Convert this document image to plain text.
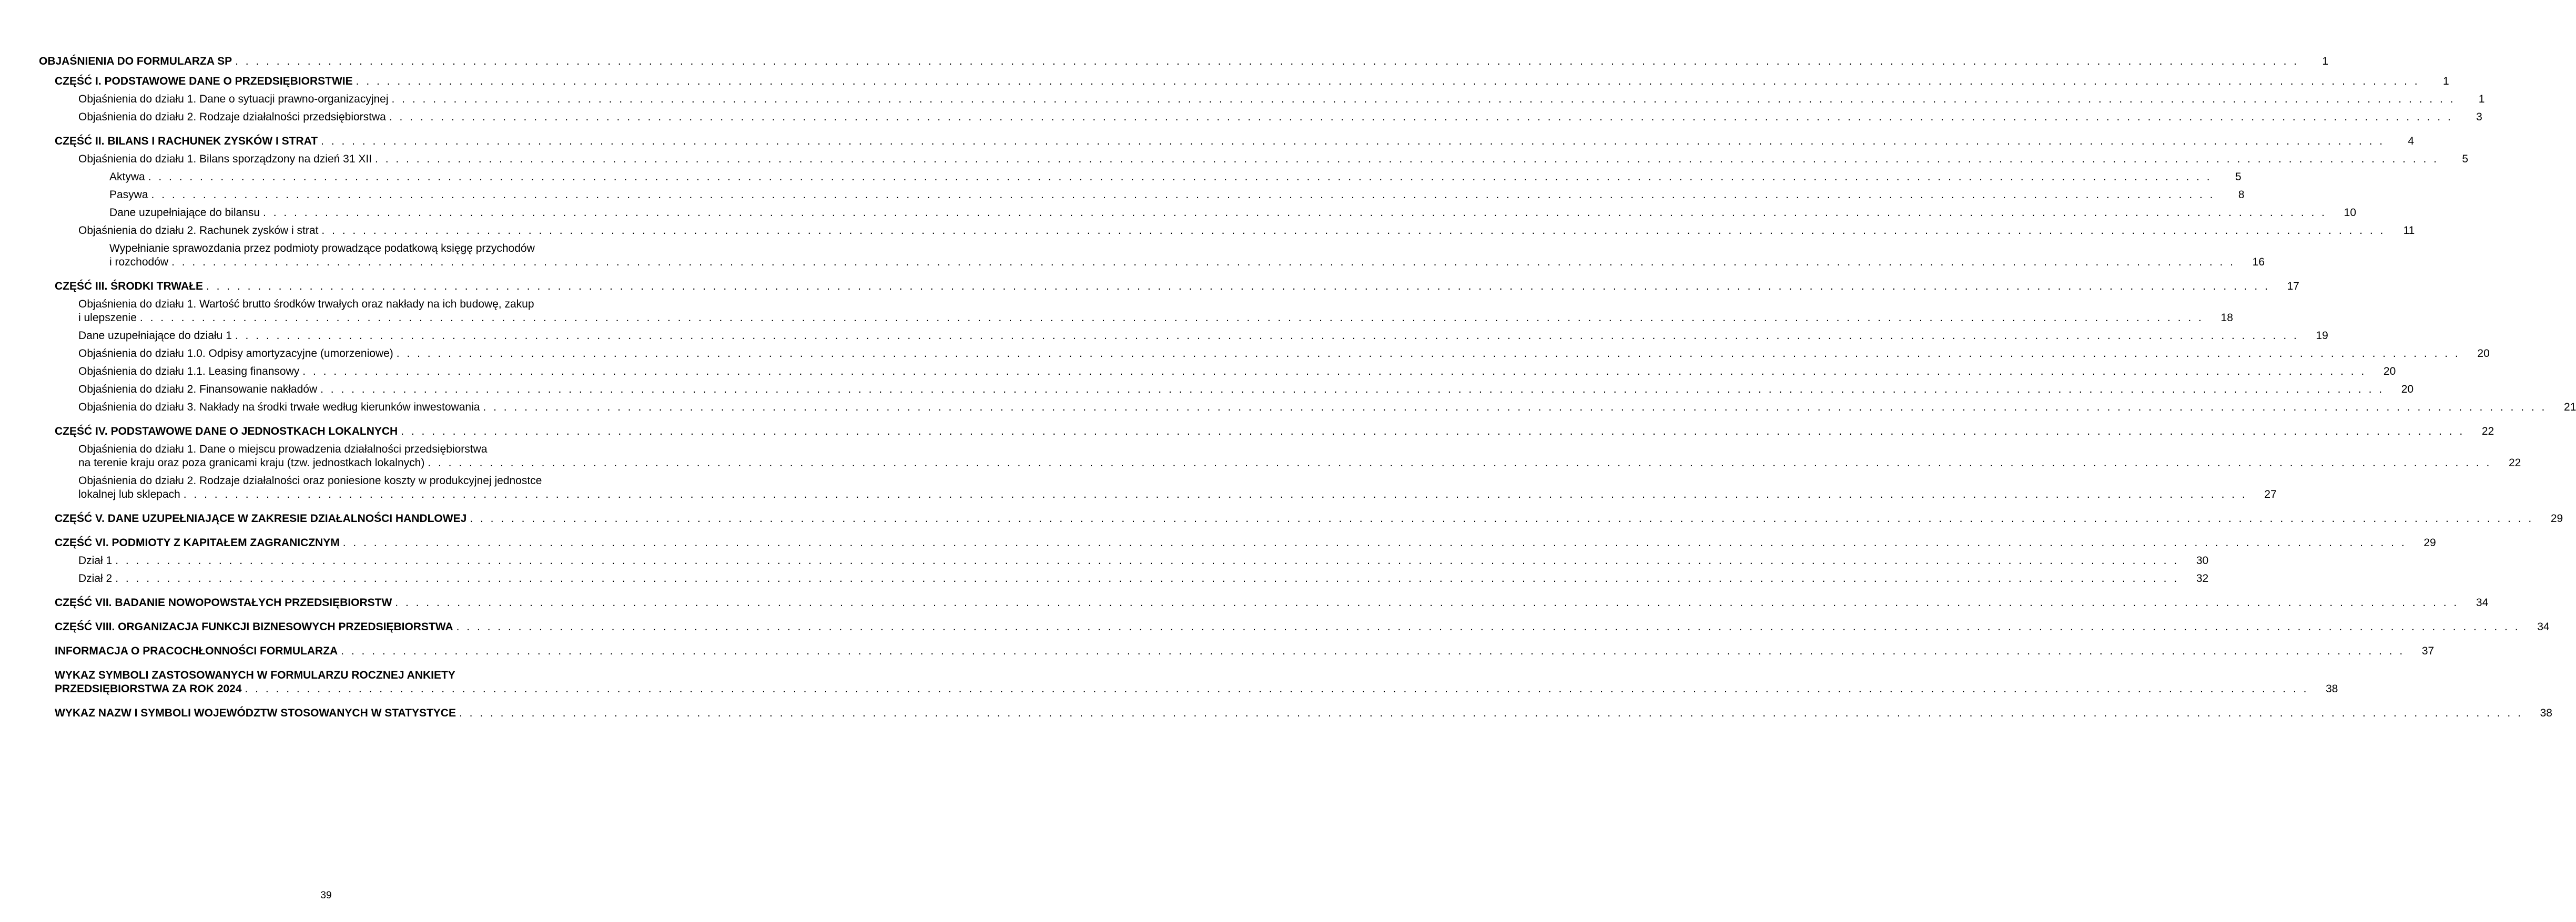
OBJAŚNIENIA DO FORMULARZA SP . . . . . . . . . . . . . . . . . . . . . . . . . . . . . . . . . . . . . . . . . . . . . . . . . . . . . . . . . . . . . . . . . . . . . . . . . . . . . . . . . . . . . . . . . . . . . . . . . . . . . . . . . . . . . . . . . . . . . . . . . . . . . . . . . . . . . . . . . . . . . . . . . . . . . . . . . . . . . . . . . . . . . . . . . . . . . . . . . . . . . . . . . . . . . . . . . . . . . . . .	1
CZĘŚĆ I. PODSTAWOWE DANE O PRZEDSIĘBIORSTWIE . . . . . . . . . . . . . . . . . . . . . . . . . . . . . . . . . . . . . . . . . . . . . . . . . . . . . . . . . . . . . . . . . . . . . . . . . . . . . . . . . . . . . . . . . . . . . . . . . . . . . . . . . . . . . . . . . . . . . . . . . . . . . . . . . . . . . . . . . . . . . . . . . . . . . . . . . . . . . . . . . . . . . . . . . . . . . . . . . . . . . . . . . . . . . . . . . . . . . . . .	1
Objaśnienia do działu 1. Dane o sytuacji prawno-organizacyjnej . . . . . . . . . . . . . . . . . . . . . . . . . . . . . . . . . . . . . . . . . . . . . . . . . . . . . . . . . . . . . . . . . . . . . . . . . . . . . . . . . . . . . . . . . . . . . . . . . . . . . . . . . . . . . . . . . . . . . . . . . . . . . . . . . . . . . . . . . . . . . . . . . . . . . . . . . . . . . . . . . . . . . . . . . . . . . . . . . . . . . . . . . . . . . . . . . . . . . . . .	1
Objaśnienia do działu 2. Rodzaje działalności przedsiębiorstwa . . . . . . . . . . . . . . . . . . . . . . . . . . . . . . . . . . . . . . . . . . . . . . . . . . . . . . . . . . . . . . . . . . . . . . . . . . . . . . . . . . . . . . . . . . . . . . . . . . . . . . . . . . . . . . . . . . . . . . . . . . . . . . . . . . . . . . . . . . . . . . . . . . . . . . . . . . . . . . . . . . . . . . . . . . . . . . . . . . . . . . . . . . . . . . . . . . . . . . . .	3
CZĘŚĆ II. BILANS I RACHUNEK ZYSKÓW I STRAT . . . . . . . . . . . . . . . . . . . . . . . . . . . . . . . . . . . . . . . . . . . . . . . . . . . . . . . . . . . . . . . . . . . . . . . . . . . . . . . . . . . . . . . . . . . . . . . . . . . . . . . . . . . . . . . . . . . . . . . . . . . . . . . . . . . . . . . . . . . . . . . . . . . . . . . . . . . . . . . . . . . . . . . . . . . . . . . . . . . . . . . . . . . . . . . . . . . . . . . .	4
Objaśnienia do działu 1. Bilans sporządzony na dzień 31 XII . . . . . . . . . . . . . . . . . . . . . . . . . . . . . . . . . . . . . . . . . . . . . . . . . . . . . . . . . . . . . . . . . . . . . . . . . . . . . . . . . . . . . . . . . . . . . . . . . . . . . . . . . . . . . . . . . . . . . . . . . . . . . . . . . . . . . . . . . . . . . . . . . . . . . . . . . . . . . . . . . . . . . . . . . . . . . . . . . . . . . . . . . . . . . . . . . . . . . . . .	5
Aktywa . . . . . . . . . . . . . . . . . . . . . . . . . . . . . . . . . . . . . . . . . . . . . . . . . . . . . . . . . . . . . . . . . . . . . . . . . . . . . . . . . . . . . . . . . . . . . . . . . . . . . . . . . . . . . . . . . . . . . . . . . . . . . . . . . . . . . . . . . . . . . . . . . . . . . . . . . . . . . . . . . . . . . . . . . . . . . . . . . . . . . . . . . . . . . . . . . . . . . . . .	5
Pasywa . . . . . . . . . . . . . . . . . . . . . . . . . . . . . . . . . . . . . . . . . . . . . . . . . . . . . . . . . . . . . . . . . . . . . . . . . . . . . . . . . . . . . . . . . . . . . . . . . . . . . . . . . . . . . . . . . . . . . . . . . . . . . . . . . . . . . . . . . . . . . . . . . . . . . . . . . . . . . . . . . . . . . . . . . . . . . . . . . . . . . . . . . . . . . . . . . . . . . . . .	8
Dane uzupełniające do bilansu . . . . . . . . . . . . . . . . . . . . . . . . . . . . . . . . . . . . . . . . . . . . . . . . . . . . . . . . . . . . . . . . . . . . . . . . . . . . . . . . . . . . . . . . . . . . . . . . . . . . . . . . . . . . . . . . . . . . . . . . . . . . . . . . . . . . . . . . . . . . . . . . . . . . . . . . . . . . . . . . . . . . . . . . . . . . . . . . . . . . . . . . . . . . . . . . . . . . . . . .	10
Objaśnienia do działu 2. Rachunek zysków i strat . . . . . . . . . . . . . . . . . . . . . . . . . . . . . . . . . . . . . . . . . . . . . . . . . . . . . . . . . . . . . . . . . . . . . . . . . . . . . . . . . . . . . . . . . . . . . . . . . . . . . . . . . . . . . . . . . . . . . . . . . . . . . . . . . . . . . . . . . . . . . . . . . . . . . . . . . . . . . . . . . . . . . . . . . . . . . . . . . . . . . . . . . . . . . . . . . . . . . . . .	11
Wypełnianie sprawozdania przez podmioty prowadzące podatkową księgę przychodów
i rozchodów . . . . . . . . . . . . . . . . . . . . . . . . . . . . . . . . . . . . . . . . . . . . . . . . . . . . . . . . . . . . . . . . . . . . . . . . . . . . . . . . . . . . . . . . . . . . . . . . . . . . . . . . . . . . . . . . . . . . . . . . . . . . . . . . . . . . . . . . . . . . . . . . . . . . . . . . . . . . . . . . . . . . . . . . . . . . . . . . . . . . . . . . . . . . . . . . . . . . . . . .	16
CZĘŚĆ III. ŚRODKI TRWAŁE . . . . . . . . . . . . . . . . . . . . . . . . . . . . . . . . . . . . . . . . . . . . . . . . . . . . . . . . . . . . . . . . . . . . . . . . . . . . . . . . . . . . . . . . . . . . . . . . . . . . . . . . . . . . . . . . . . . . . . . . . . . . . . . . . . . . . . . . . . . . . . . . . . . . . . . . . . . . . . . . . . . . . . . . . . . . . . . . . . . . . . . . . . . . . . . . . . . . . . . .	17
Objaśnienia do działu 1. Wartość brutto środków trwałych oraz nakłady na ich budowę, zakup
i ulepszenie . . . . . . . . . . . . . . . . . . . . . . . . . . . . . . . . . . . . . . . . . . . . . . . . . . . . . . . . . . . . . . . . . . . . . . . . . . . . . . . . . . . . . . . . . . . . . . . . . . . . . . . . . . . . . . . . . . . . . . . . . . . . . . . . . . . . . . . . . . . . . . . . . . . . . . . . . . . . . . . . . . . . . . . . . . . . . . . . . . . . . . . . . . . . . . . . . . . . . . . .	18
Dane uzupełniające do działu 1 . . . . . . . . . . . . . . . . . . . . . . . . . . . . . . . . . . . . . . . . . . . . . . . . . . . . . . . . . . . . . . . . . . . . . . . . . . . . . . . . . . . . . . . . . . . . . . . . . . . . . . . . . . . . . . . . . . . . . . . . . . . . . . . . . . . . . . . . . . . . . . . . . . . . . . . . . . . . . . . . . . . . . . . . . . . . . . . . . . . . . . . . . . . . . . . . . . . . . . . .	19
Objaśnienia do działu 1.0. Odpisy amortyzacyjne (umorzeniowe) . . . . . . . . . . . . . . . . . . . . . . . . . . . . . . . . . . . . . . . . . . . . . . . . . . . . . . . . . . . . . . . . . . . . . . . . . . . . . . . . . . . . . . . . . . . . . . . . . . . . . . . . . . . . . . . . . . . . . . . . . . . . . . . . . . . . . . . . . . . . . . . . . . . . . . . . . . . . . . . . . . . . . . . . . . . . . . . . . . . . . . . . . . . . . . . . . . . . . . . .	20
Objaśnienia do działu 1.1. Leasing finansowy . . . . . . . . . . . . . . . . . . . . . . . . . . . . . . . . . . . . . . . . . . . . . . . . . . . . . . . . . . . . . . . . . . . . . . . . . . . . . . . . . . . . . . . . . . . . . . . . . . . . . . . . . . . . . . . . . . . . . . . . . . . . . . . . . . . . . . . . . . . . . . . . . . . . . . . . . . . . . . . . . . . . . . . . . . . . . . . . . . . . . . . . . . . . . . . . . . . . . . . .	20
Objaśnienia do działu 2. Finansowanie nakładów . . . . . . . . . . . . . . . . . . . . . . . . . . . . . . . . . . . . . . . . . . . . . . . . . . . . . . . . . . . . . . . . . . . . . . . . . . . . . . . . . . . . . . . . . . . . . . . . . . . . . . . . . . . . . . . . . . . . . . . . . . . . . . . . . . . . . . . . . . . . . . . . . . . . . . . . . . . . . . . . . . . . . . . . . . . . . . . . . . . . . . . . . . . . . . . . . . . . . . . .	20
Objaśnienia do działu 3. Nakłady na środki trwałe według kierunków inwestowania . . . . . . . . . . . . . . . . . . . . . . . . . . . . . . . . . . . . . . . . . . . . . . . . . . . . . . . . . . . . . . . . . . . . . . . . . . . . . . . . . . . . . . . . . . . . . . . . . . . . . . . . . . . . . . . . . . . . . . . . . . . . . . . . . . . . . . . . . . . . . . . . . . . . . . . . . . . . . . . . . . . . . . . . . . . . . . . . . . . . . . . . . . . . . . . . . . . . . . . .	21
CZĘŚĆ IV. PODSTAWOWE DANE O JEDNOSTKACH LOKALNYCH . . . . . . . . . . . . . . . . . . . . . . . . . . . . . . . . . . . . . . . . . . . . . . . . . . . . . . . . . . . . . . . . . . . . . . . . . . . . . . . . . . . . . . . . . . . . . . . . . . . . . . . . . . . . . . . . . . . . . . . . . . . . . . . . . . . . . . . . . . . . . . . . . . . . . . . . . . . . . . . . . . . . . . . . . . . . . . . . . . . . . . . . . . . . . . . . . . . . . . . .	22
Objaśnienia do działu 1. Dane o miejscu prowadzenia działalności przedsiębiorstwa
na terenie kraju oraz poza granicami kraju (tzw. jednostkach lokalnych) . . . . . . . . . . . . . . . . . . . . . . . . . . . . . . . . . . . . . . . . . . . . . . . . . . . . . . . . . . . . . . . . . . . . . . . . . . . . . . . . . . . . . . . . . . . . . . . . . . . . . . . . . . . . . . . . . . . . . . . . . . . . . . . . . . . . . . . . . . . . . . . . . . . . . . . . . . . . . . . . . . . . . . . . . . . . . . . . . . . . . . . . . . . . . . . . . . . . . . . .	22
Objaśnienia do działu 2. Rodzaje działalności oraz poniesione koszty w produkcyjnej jednostce
lokalnej lub sklepach . . . . . . . . . . . . . . . . . . . . . . . . . . . . . . . . . . . . . . . . . . . . . . . . . . . . . . . . . . . . . . . . . . . . . . . . . . . . . . . . . . . . . . . . . . . . . . . . . . . . . . . . . . . . . . . . . . . . . . . . . . . . . . . . . . . . . . . . . . . . . . . . . . . . . . . . . . . . . . . . . . . . . . . . . . . . . . . . . . . . . . . . . . . . . . . . . . . . . . . .	27
CZĘŚĆ V. DANE UZUPEŁNIAJĄCE W ZAKRESIE DZIAŁALNOŚCI HANDLOWEJ . . . . . . . . . . . . . . . . . . . . . . . . . . . . . . . . . . . . . . . . . . . . . . . . . . . . . . . . . . . . . . . . . . . . . . . . . . . . . . . . . . . . . . . . . . . . . . . . . . . . . . . . . . . . . . . . . . . . . . . . . . . . . . . . . . . . . . . . . . . . . . . . . . . . . . . . . . . . . . . . . . . . . . . . . . . . . . . . . . . . . . . . . . . . . . . . . . . . . . . .	29
CZĘŚĆ VI. PODMIOTY Z KAPITAŁEM ZAGRANICZNYM . . . . . . . . . . . . . . . . . . . . . . . . . . . . . . . . . . . . . . . . . . . . . . . . . . . . . . . . . . . . . . . . . . . . . . . . . . . . . . . . . . . . . . . . . . . . . . . . . . . . . . . . . . . . . . . . . . . . . . . . . . . . . . . . . . . . . . . . . . . . . . . . . . . . . . . . . . . . . . . . . . . . . . . . . . . . . . . . . . . . . . . . . . . . . . . . . . . . . . . .	29
Dział 1 . . . . . . . . . . . . . . . . . . . . . . . . . . . . . . . . . . . . . . . . . . . . . . . . . . . . . . . . . . . . . . . . . . . . . . . . . . . . . . . . . . . . . . . . . . . . . . . . . . . . . . . . . . . . . . . . . . . . . . . . . . . . . . . . . . . . . . . . . . . . . . . . . . . . . . . . . . . . . . . . . . . . . . . . . . . . . . . . . . . . . . . . . . . . . . . . . . . . . . . .	30
Dział 2 . . . . . . . . . . . . . . . . . . . . . . . . . . . . . . . . . . . . . . . . . . . . . . . . . . . . . . . . . . . . . . . . . . . . . . . . . . . . . . . . . . . . . . . . . . . . . . . . . . . . . . . . . . . . . . . . . . . . . . . . . . . . . . . . . . . . . . . . . . . . . . . . . . . . . . . . . . . . . . . . . . . . . . . . . . . . . . . . . . . . . . . . . . . . . . . . . . . . . . . .	32
CZĘŚĆ VII. BADANIE NOWOPOWSTAŁYCH PRZEDSIĘBIORSTW . . . . . . . . . . . . . . . . . . . . . . . . . . . . . . . . . . . . . . . . . . . . . . . . . . . . . . . . . . . . . . . . . . . . . . . . . . . . . . . . . . . . . . . . . . . . . . . . . . . . . . . . . . . . . . . . . . . . . . . . . . . . . . . . . . . . . . . . . . . . . . . . . . . . . . . . . . . . . . . . . . . . . . . . . . . . . . . . . . . . . . . . . . . . . . . . . . . . . . . .	34
CZĘŚĆ VIII. ORGANIZACJA FUNKCJI BIZNESOWYCH PRZEDSIĘBIORSTWA . . . . . . . . . . . . . . . . . . . . . . . . . . . . . . . . . . . . . . . . . . . . . . . . . . . . . . . . . . . . . . . . . . . . . . . . . . . . . . . . . . . . . . . . . . . . . . . . . . . . . . . . . . . . . . . . . . . . . . . . . . . . . . . . . . . . . . . . . . . . . . . . . . . . . . . . . . . . . . . . . . . . . . . . . . . . . . . . . . . . . . . . . . . . . . . . . . . . . . . .	34
INFORMACJA O PRACOCHŁONNOŚCI FORMULARZA . . . . . . . . . . . . . . . . . . . . . . . . . . . . . . . . . . . . . . . . . . . . . . . . . . . . . . . . . . . . . . . . . . . . . . . . . . . . . . . . . . . . . . . . . . . . . . . . . . . . . . . . . . . . . . . . . . . . . . . . . . . . . . . . . . . . . . . . . . . . . . . . . . . . . . . . . . . . . . . . . . . . . . . . . . . . . . . . . . . . . . . . . . . . . . . . . . . . . . . .	37
WYKAZ SYMBOLI ZASTOSOWANYCH W FORMULARZU ROCZNEJ ANKIETY
PRZEDSIĘBIORSTWA ZA ROK 2024 . . . . . . . . . . . . . . . . . . . . . . . . . . . . . . . . . . . . . . . . . . . . . . . . . . . . . . . . . . . . . . . . . . . . . . . . . . . . . . . . . . . . . . . . . . . . . . . . . . . . . . . . . . . . . . . . . . . . . . . . . . . . . . . . . . . . . . . . . . . . . . . . . . . . . . . . . . . . . . . . . . . . . . . . . . . . . . . . . . . . . . . . . . . . . . . . . . . . . . . .	38
WYKAZ NAZW I SYMBOLI WOJEWÓDZTW STOSOWANYCH W STATYSTYCE . . . . . . . . . . . . . . . . . . . . . . . . . . . . . . . . . . . . . . . . . . . . . . . . . . . . . . . . . . . . . . . . . . . . . . . . . . . . . . . . . . . . . . . . . . . . . . . . . . . . . . . . . . . . . . . . . . . . . . . . . . . . . . . . . . . . . . . . . . . . . . . . . . . . . . . . . . . . . . . . . . . . . . . . . . . . . . . . . . . . . . . . . . . . . . . . . . . . . . . .	38
39
